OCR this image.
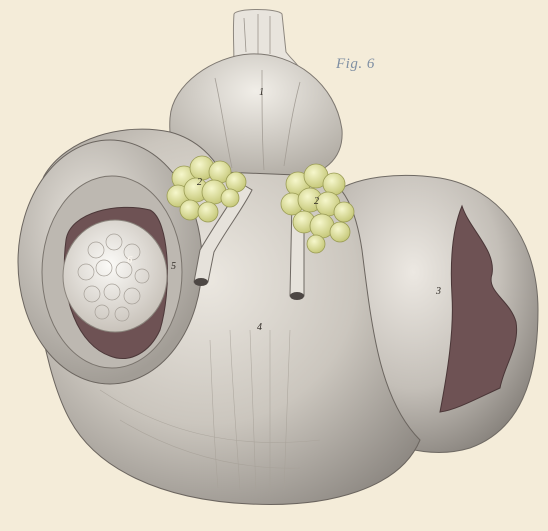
Fig. 6
1
2
2
3
4
5
6
